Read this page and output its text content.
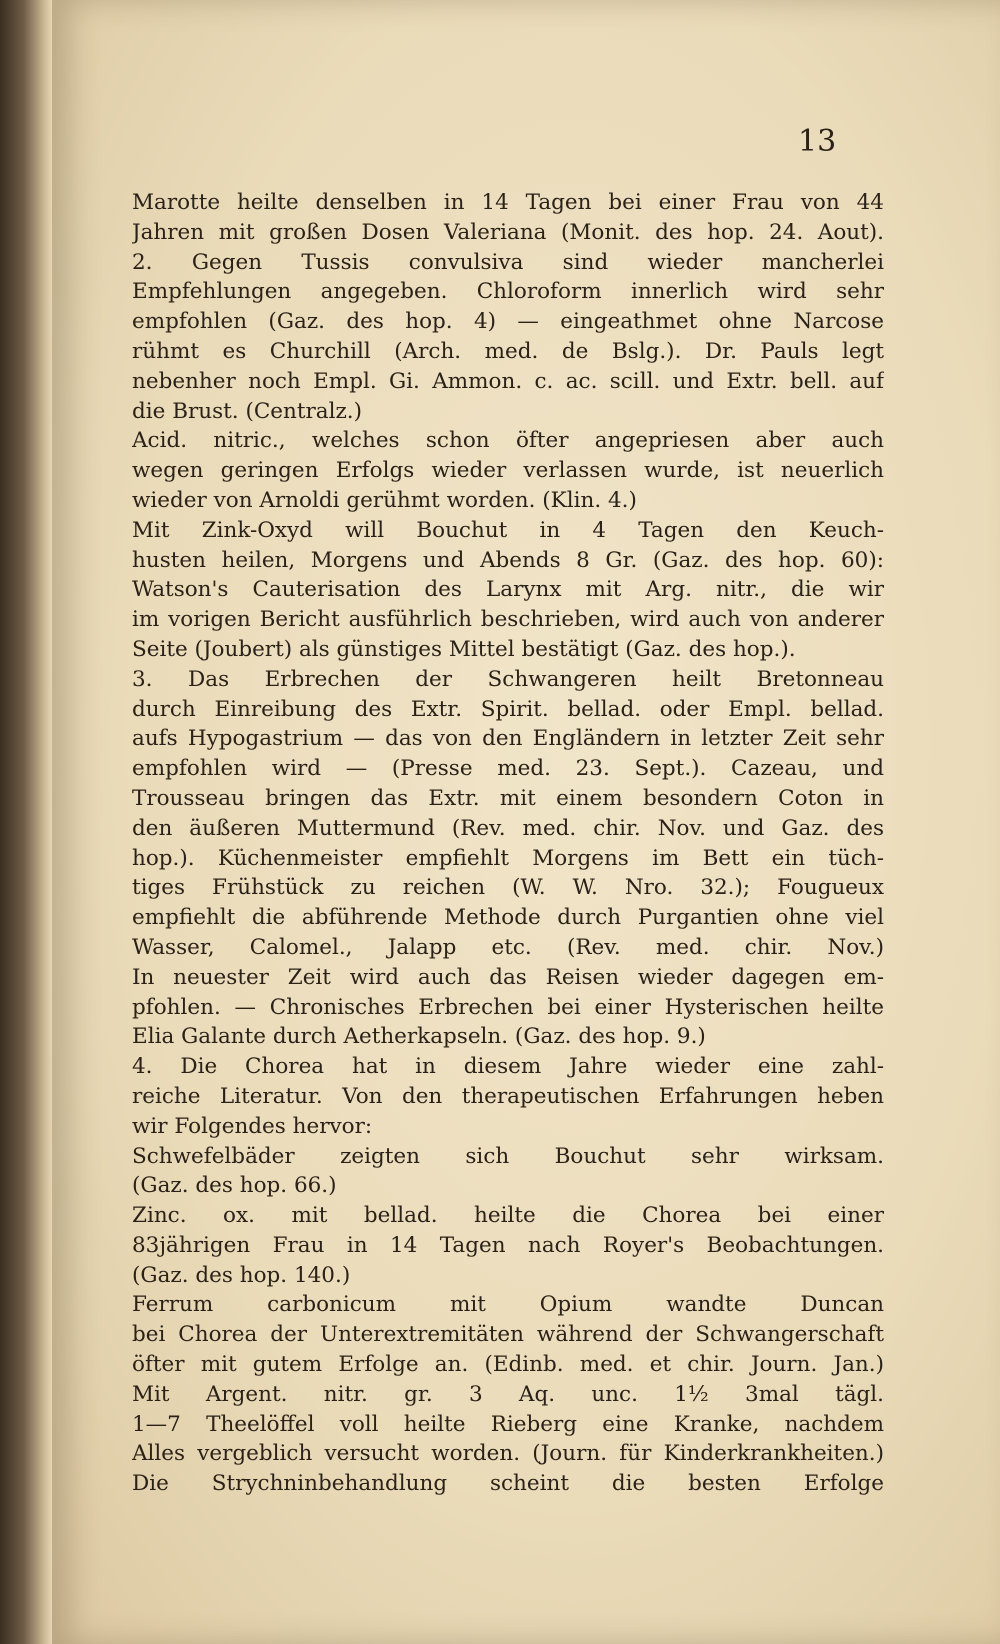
13
Marotte heilte denselben in 14 Tagen bei einer Frau von 44
Jahren mit großen Dosen Valeriana (Monit. des hop. 24. Aout).
2. Gegen Tussis convulsiva sind wieder mancherlei
Empfehlungen angegeben. Chloroform innerlich wird sehr
empfohlen (Gaz. des hop. 4) — eingeathmet ohne Narcose
rühmt es Churchill (Arch. med. de Bslg.). Dr. Pauls legt
nebenher noch Empl. Gi. Ammon. c. ac. scill. und Extr. bell. auf
die Brust. (Centralz.)
Acid. nitric., welches schon öfter angepriesen aber auch
wegen geringen Erfolgs wieder verlassen wurde, ist neuerlich
wieder von Arnoldi gerühmt worden. (Klin. 4.)
Mit Zink-Oxyd will Bouchut in 4 Tagen den Keuch-
husten heilen, Morgens und Abends 8 Gr. (Gaz. des hop. 60):
Watson's Cauterisation des Larynx mit Arg. nitr., die wir
im vorigen Bericht ausführlich beschrieben, wird auch von anderer
Seite (Joubert) als günstiges Mittel bestätigt (Gaz. des hop.).
3. Das Erbrechen der Schwangeren heilt Bretonneau
durch Einreibung des Extr. Spirit. bellad. oder Empl. bellad.
aufs Hypogastrium — das von den Engländern in letzter Zeit sehr
empfohlen wird — (Presse med. 23. Sept.). Cazeau, und
Trousseau bringen das Extr. mit einem besondern Coton in
den äußeren Muttermund (Rev. med. chir. Nov. und Gaz. des
hop.). Küchenmeister empfiehlt Morgens im Bett ein tüch-
tiges Frühstück zu reichen (W. W. Nro. 32.); Fougueux
empfiehlt die abführende Methode durch Purgantien ohne viel
Wasser, Calomel., Jalapp etc. (Rev. med. chir. Nov.)
In neuester Zeit wird auch das Reisen wieder dagegen em-
pfohlen. — Chronisches Erbrechen bei einer Hysterischen heilte
Elia Galante durch Aetherkapseln. (Gaz. des hop. 9.)
4. Die Chorea hat in diesem Jahre wieder eine zahl-
reiche Literatur. Von den therapeutischen Erfahrungen heben
wir Folgendes hervor:
Schwefelbäder zeigten sich Bouchut sehr wirksam.
(Gaz. des hop. 66.)
Zinc. ox. mit bellad. heilte die Chorea bei einer
83jährigen Frau in 14 Tagen nach Royer's Beobachtungen.
(Gaz. des hop. 140.)
Ferrum carbonicum mit Opium wandte Duncan
bei Chorea der Unterextremitäten während der Schwangerschaft
öfter mit gutem Erfolge an. (Edinb. med. et chir. Journ. Jan.)
Mit Argent. nitr. gr. 3 Aq. unc. 1½ 3mal tägl.
1—7 Theelöffel voll heilte Rieberg eine Kranke, nachdem
Alles vergeblich versucht worden. (Journ. für Kinderkrankheiten.)
Die Strychninbehandlung scheint die besten Erfolge
